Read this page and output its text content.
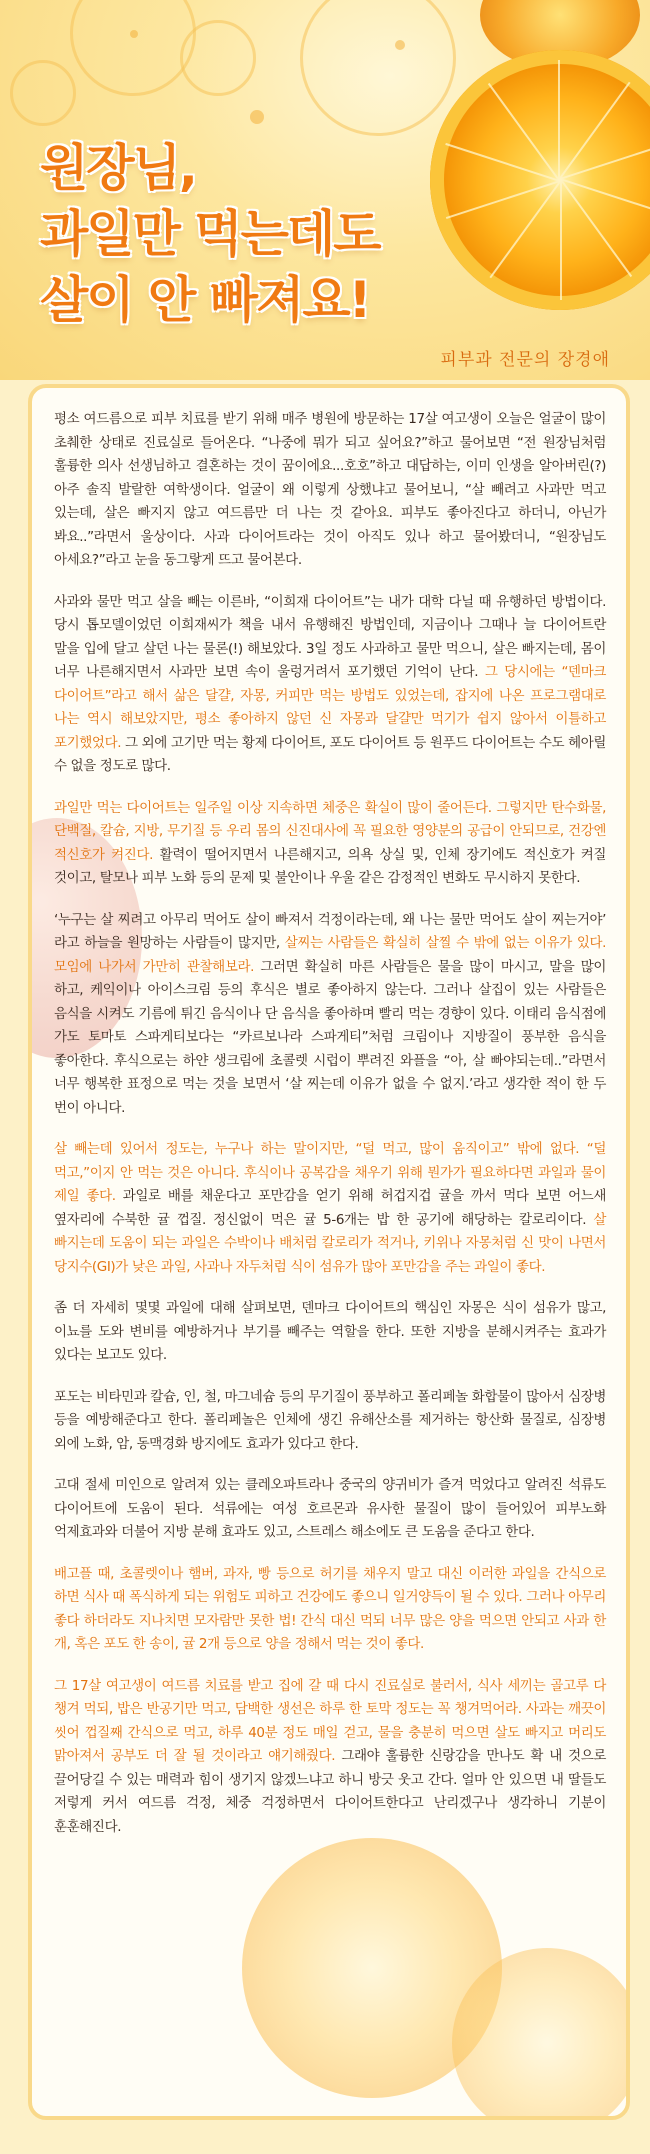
원장님,
과일만 먹는데도
살이 안 빠져요!
피부과 전문의 장경애

평소 여드름으로 피부 치료를 받기 위해 매주 병원에 방문하는 17살 여고생이 오늘은 얼굴이 많이 초췌한 상태로 진료실로 들어온다. “나중에 뭐가 되고 싶어요?”하고 물어보면 “전 원장님처럼 훌륭한 의사 선생님하고 결혼하는 것이 꿈이에요...호호”하고 대답하는, 이미 인생을 알아버린(?) 아주 솔직 발랄한 여학생이다. 얼굴이 왜 이렇게 상했냐고 물어보니, “살 빼려고 사과만 먹고 있는데, 살은 빠지지 않고 여드름만 더 나는 것 같아요. 피부도 좋아진다고 하더니, 아닌가 봐요..”라면서 울상이다. 사과 다이어트라는 것이 아직도 있나 하고 물어봤더니, “원장님도 아세요?”라고 눈을 동그랗게 뜨고 물어본다.

사과와 물만 먹고 살을 빼는 이른바, “이희재 다이어트”는 내가 대학 다닐 때 유행하던 방법이다. 당시 톱모델이었던 이희재씨가 책을 내서 유행해진 방법인데, 지금이나 그때나 늘 다이어트란 말을 입에 달고 살던 나는 물론(!) 해보았다. 3일 정도 사과하고 물만 먹으니, 살은 빠지는데, 몸이 너무 나른해지면서 사과만 보면 속이 울렁거려서 포기했던 기억이 난다. 그 당시에는 “덴마크 다이어트”라고 해서 삶은 달걀, 자몽, 커피만 먹는 방법도 있었는데, 잡지에 나온 프로그램대로 나는 역시 해보았지만, 평소 좋아하지 않던 신 자몽과 달걀만 먹기가 쉽지 않아서 이틀하고 포기했었다. 그 외에 고기만 먹는 황제 다이어트, 포도 다이어트 등 원푸드 다이어트는 수도 헤아릴 수 없을 정도로 많다.

과일만 먹는 다이어트는 일주일 이상 지속하면 체중은 확실이 많이 줄어든다. 그렇지만 탄수화물, 단백질, 칼슘, 지방, 무기질 등 우리 몸의 신진대사에 꼭 필요한 영양분의 공급이 안되므로, 건강엔 적신호가 켜진다. 활력이 떨어지면서 나른해지고, 의욕 상실 및, 인체 장기에도 적신호가 켜질 것이고, 탈모나 피부 노화 등의 문제 및 불안이나 우울 같은 감정적인 변화도 무시하지 못한다.

‘누구는 살 찌려고 아무리 먹어도 살이 빠져서 걱정이라는데, 왜 나는 물만 먹어도 살이 찌는거야’ 라고 하늘을 원망하는 사람들이 많지만, 살찌는 사람들은 확실히 살찔 수 밖에 없는 이유가 있다. 모임에 나가서 가만히 관찰해보라. 그러면 확실히 마른 사람들은 물을 많이 마시고, 말을 많이 하고, 케익이나 아이스크림 등의 후식은 별로 좋아하지 않는다. 그러나 살집이 있는 사람들은 음식을 시켜도 기름에 튀긴 음식이나 단 음식을 좋아하며 빨리 먹는 경향이 있다. 이태리 음식점에 가도 토마토 스파게티보다는 “카르보나라 스파게티”처럼 크림이나 지방질이 풍부한 음식을 좋아한다. 후식으로는 하얀 생크림에 초콜렛 시럽이 뿌려진 와플을 “아, 살 빠야되는데..”라면서 너무 행복한 표정으로 먹는 것을 보면서 ‘살 찌는데 이유가 없을 수 없지.’라고 생각한 적이 한 두 번이 아니다.

살 빼는데 있어서 정도는, 누구나 하는 말이지만, “덜 먹고, 많이 움직이고” 밖에 없다. “덜 먹고,”이지 안 먹는 것은 아니다. 후식이나 공복감을 채우기 위해 뭔가가 필요하다면 과일과 물이 제일 좋다. 과일로 배를 채운다고 포만감을 얻기 위해 허겁지겁 귤을 까서 먹다 보면 어느새 옆자리에 수북한 귤 껍질. 정신없이 먹은 귤 5-6개는 밥 한 공기에 해당하는 칼로리이다. 살 빠지는데 도움이 되는 과일은 수박이나 배처럼 칼로리가 적거나, 키위나 자몽처럼 신 맛이 나면서 당지수(GI)가 낮은 과일, 사과나 자두처럼 식이 섬유가 많아 포만감을 주는 과일이 좋다.

좀 더 자세히 몇몇 과일에 대해 살펴보면, 덴마크 다이어트의 핵심인 자몽은 식이 섬유가 많고, 이뇨를 도와 변비를 예방하거나 부기를 빼주는 역할을 한다. 또한 지방을 분해시켜주는 효과가 있다는 보고도 있다.

포도는 비타민과 칼슘, 인, 철, 마그네슘 등의 무기질이 풍부하고 폴리페놀 화합물이 많아서 심장병 등을 예방해준다고 한다. 폴리페놀은 인체에 생긴 유해산소를 제거하는 항산화 물질로, 심장병 외에 노화, 암, 동맥경화 방지에도 효과가 있다고 한다.

고대 절세 미인으로 알려져 있는 클레오파트라나 중국의 양귀비가 즐겨 먹었다고 알려진 석류도 다이어트에 도움이 된다. 석류에는 여성 호르몬과 유사한 물질이 많이 들어있어 피부노화 억제효과와 더불어 지방 분해 효과도 있고, 스트레스 해소에도 큰 도움을 준다고 한다.

배고플 때, 초콜렛이나 햄버, 과자, 빵 등으로 허기를 채우지 말고 대신 이러한 과일을 간식으로 하면 식사 때 폭식하게 되는 위험도 피하고 건강에도 좋으니 일거양득이 될 수 있다. 그러나 아무리 좋다 하더라도 지나치면 모자람만 못한 법! 간식 대신 먹되 너무 많은 양을 먹으면 안되고 사과 한 개, 혹은 포도 한 송이, 귤 2개 등으로 양을 정해서 먹는 것이 좋다.

그 17살 여고생이 여드름 치료를 받고 집에 갈 때 다시 진료실로 불러서, 식사 세끼는 골고루 다 챙겨 먹되, 밥은 반공기만 먹고, 담백한 생선은 하루 한 토막 정도는 꼭 챙겨먹어라. 사과는 깨끗이 씻어 껍질째 간식으로 먹고, 하루 40분 정도 매일 걷고, 물을 충분히 먹으면 살도 빠지고 머리도 맑아져서 공부도 더 잘 될 것이라고 얘기해줬다. 그래야 훌륭한 신랑감을 만나도 확 내 것으로 끌어당길 수 있는 매력과 힘이 생기지 않겠느냐고 하니 방긋 웃고 간다. 얼마 안 있으면 내 딸들도 저렇게 커서 여드름 걱정, 체중 걱정하면서 다이어트한다고 난리겠구나 생각하니 기분이 훈훈해진다.
